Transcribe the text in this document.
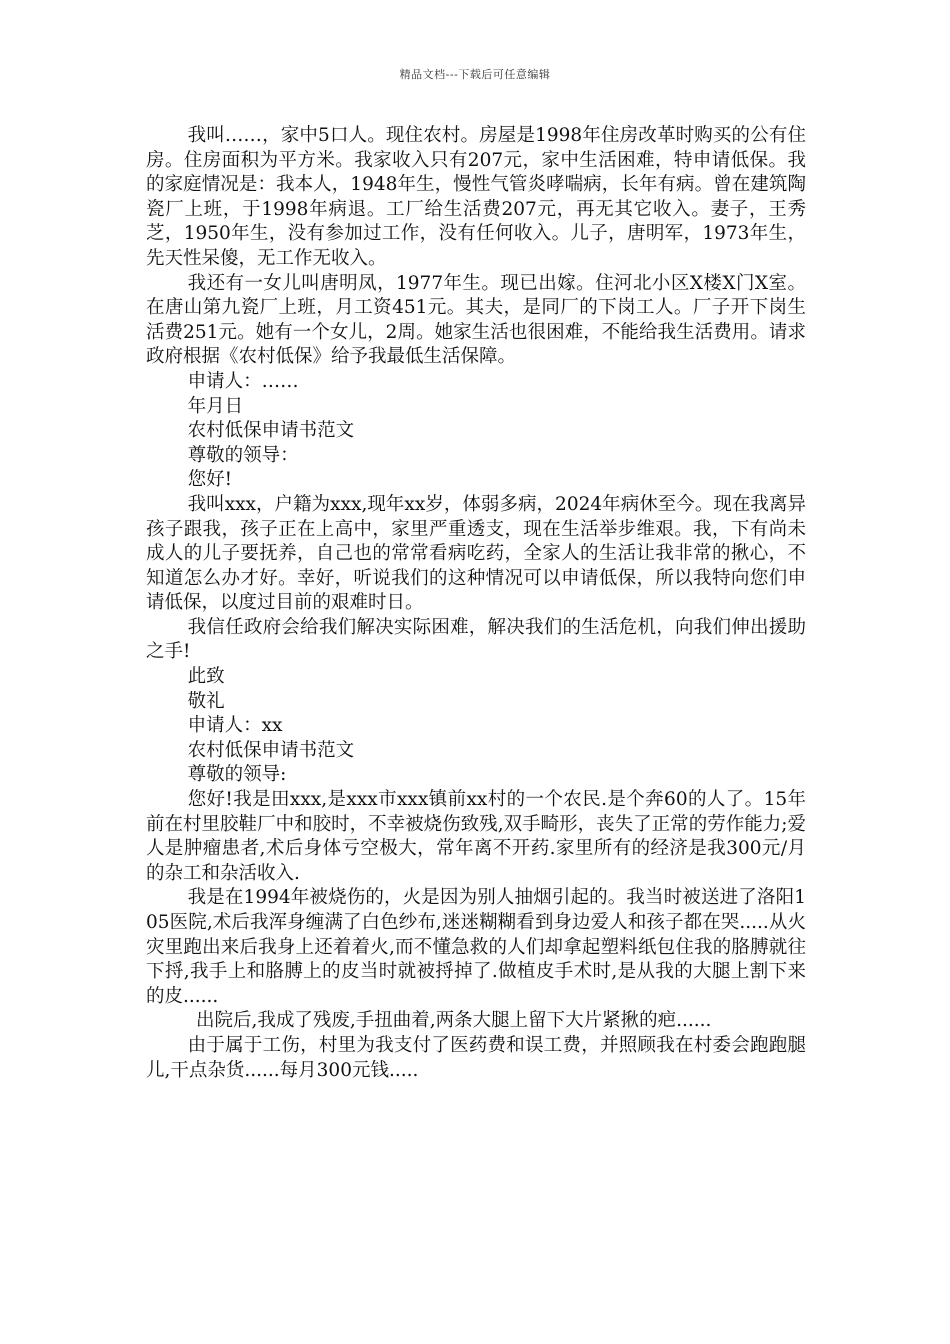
精品文档---下载后可任意编辑

我叫……，家中5口人。现住农村。房屋是1998年住房改革时购买的公有住房。住房面积为平方米。我家收入只有207元，家中生活困难，特申请低保。我的家庭情况是：我本人，1948年生，慢性气管炎哮喘病，长年有病。曾在建筑陶瓷厂上班，于1998年病退。工厂给生活费207元，再无其它收入。妻子，王秀芝，1950年生，没有参加过工作，没有任何收入。儿子，唐明军，1973年生，先天性呆傻，无工作无收入。

我还有一女儿叫唐明凤，1977年生。现已出嫁。住河北小区X楼X门X室。在唐山第九瓷厂上班，月工资451元。其夫，是同厂的下岗工人。厂子开下岗生活费251元。她有一个女儿，2周。她家生活也很困难，不能给我生活费用。请求政府根据《农村低保》给予我最低生活保障。

申请人：……

年月日

农村低保申请书范文

尊敬的领导：

您好!

我叫xxx，户籍为xxx,现年xx岁，体弱多病，2024年病休至今。现在我离异孩子跟我，孩子正在上高中，家里严重透支，现在生活举步维艰。我，下有尚未成人的儿子要抚养，自己也的常常看病吃药，全家人的生活让我非常的揪心，不知道怎么办才好。幸好，听说我们的这种情况可以申请低保，所以我特向您们申请低保，以度过目前的艰难时日。

我信任政府会给我们解决实际困难，解决我们的生活危机，向我们伸出援助之手!

此致

敬礼

申请人：xx

农村低保申请书范文

尊敬的领导:

您好!我是田xxx,是xxx市xxx镇前xx村的一个农民.是个奔60的人了。15年前在村里胶鞋厂中和胶时，不幸被烧伤致残,双手畸形，丧失了正常的劳作能力;爱人是肿瘤患者,术后身体亏空极大，常年离不开药.家里所有的经济是我300元/月的杂工和杂活收入.

我是在1994年被烧伤的，火是因为别人抽烟引起的。我当时被送进了洛阳105医院,术后我浑身缠满了白色纱布,迷迷糊糊看到身边爱人和孩子都在哭.....从火灾里跑出来后我身上还着着火,而不懂急救的人们却拿起塑料纸包住我的胳膊就往下捋,我手上和胳膊上的皮当时就被捋掉了.做植皮手术时,是从我的大腿上割下来的皮......

出院后,我成了残废,手扭曲着,两条大腿上留下大片紧揪的疤......

由于属于工伤，村里为我支付了医药费和误工费，并照顾我在村委会跑跑腿儿,干点杂货......每月300元钱.....
